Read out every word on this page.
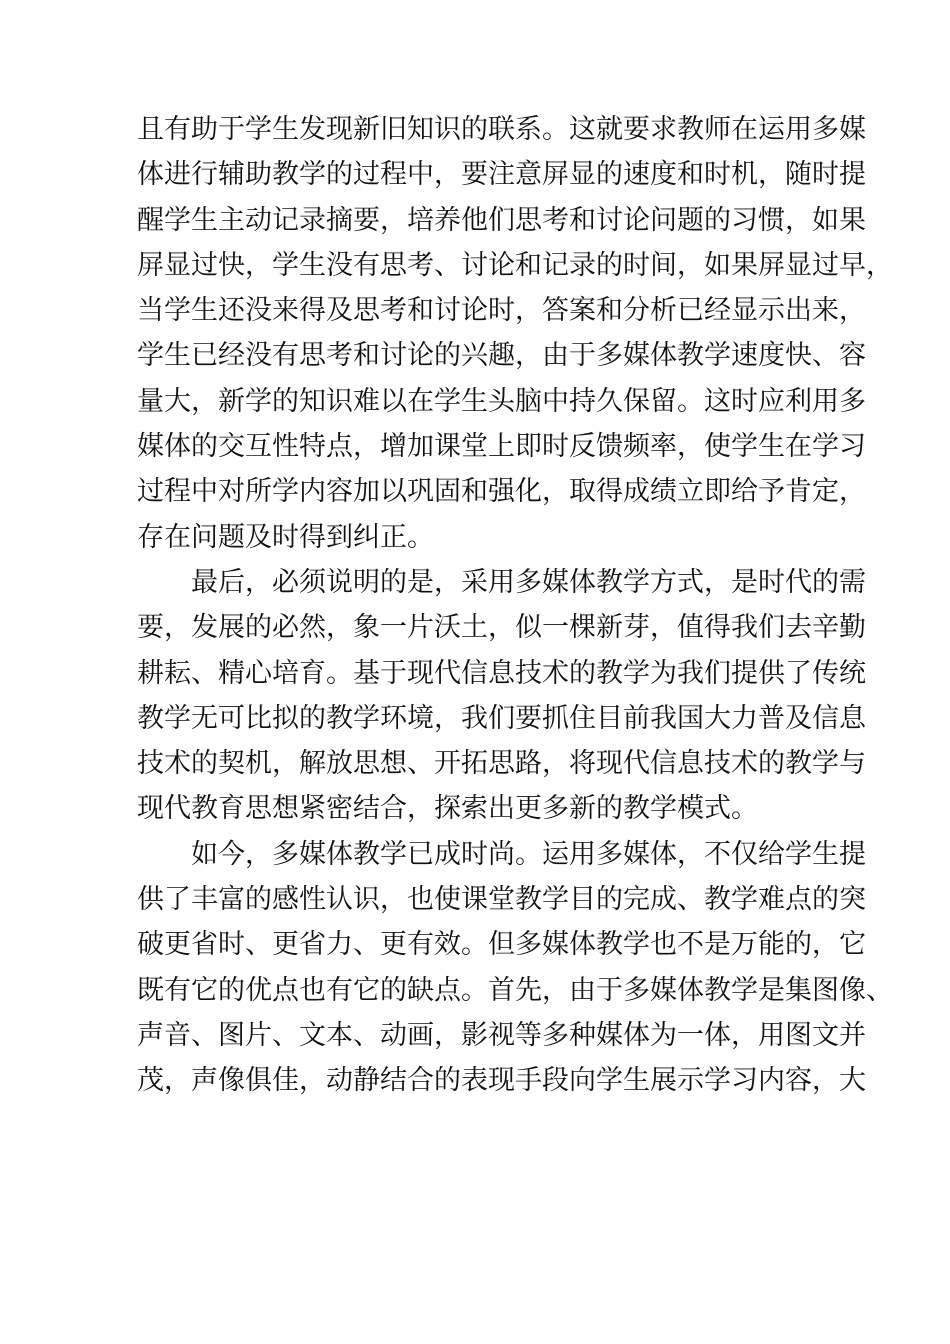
且有助于学生发现新旧知识的联系。这就要求教师在运用多媒
体进行辅助教学的过程中，要注意屏显的速度和时机，随时提
醒学生主动记录摘要，培养他们思考和讨论问题的习惯，如果
屏显过快，学生没有思考、讨论和记录的时间，如果屏显过早，
当学生还没来得及思考和讨论时，答案和分析已经显示出来，
学生已经没有思考和讨论的兴趣，由于多媒体教学速度快、容
量大，新学的知识难以在学生头脑中持久保留。这时应利用多
媒体的交互性特点，增加课堂上即时反馈频率，使学生在学习
过程中对所学内容加以巩固和强化，取得成绩立即给予肯定，
存在问题及时得到纠正。
最后，必须说明的是，采用多媒体教学方式，是时代的需
要，发展的必然，象一片沃土，似一棵新芽，值得我们去辛勤
耕耘、精心培育。基于现代信息技术的教学为我们提供了传统
教学无可比拟的教学环境，我们要抓住目前我国大力普及信息
技术的契机，解放思想、开拓思路，将现代信息技术的教学与
现代教育思想紧密结合，探索出更多新的教学模式。
如今，多媒体教学已成时尚。运用多媒体，不仅给学生提
供了丰富的感性认识，也使课堂教学目的完成、教学难点的突
破更省时、更省力、更有效。但多媒体教学也不是万能的，它
既有它的优点也有它的缺点。首先，由于多媒体教学是集图像、
声音、图片、文本、动画，影视等多种媒体为一体，用图文并
茂，声像俱佳，动静结合的表现手段向学生展示学习内容，大
